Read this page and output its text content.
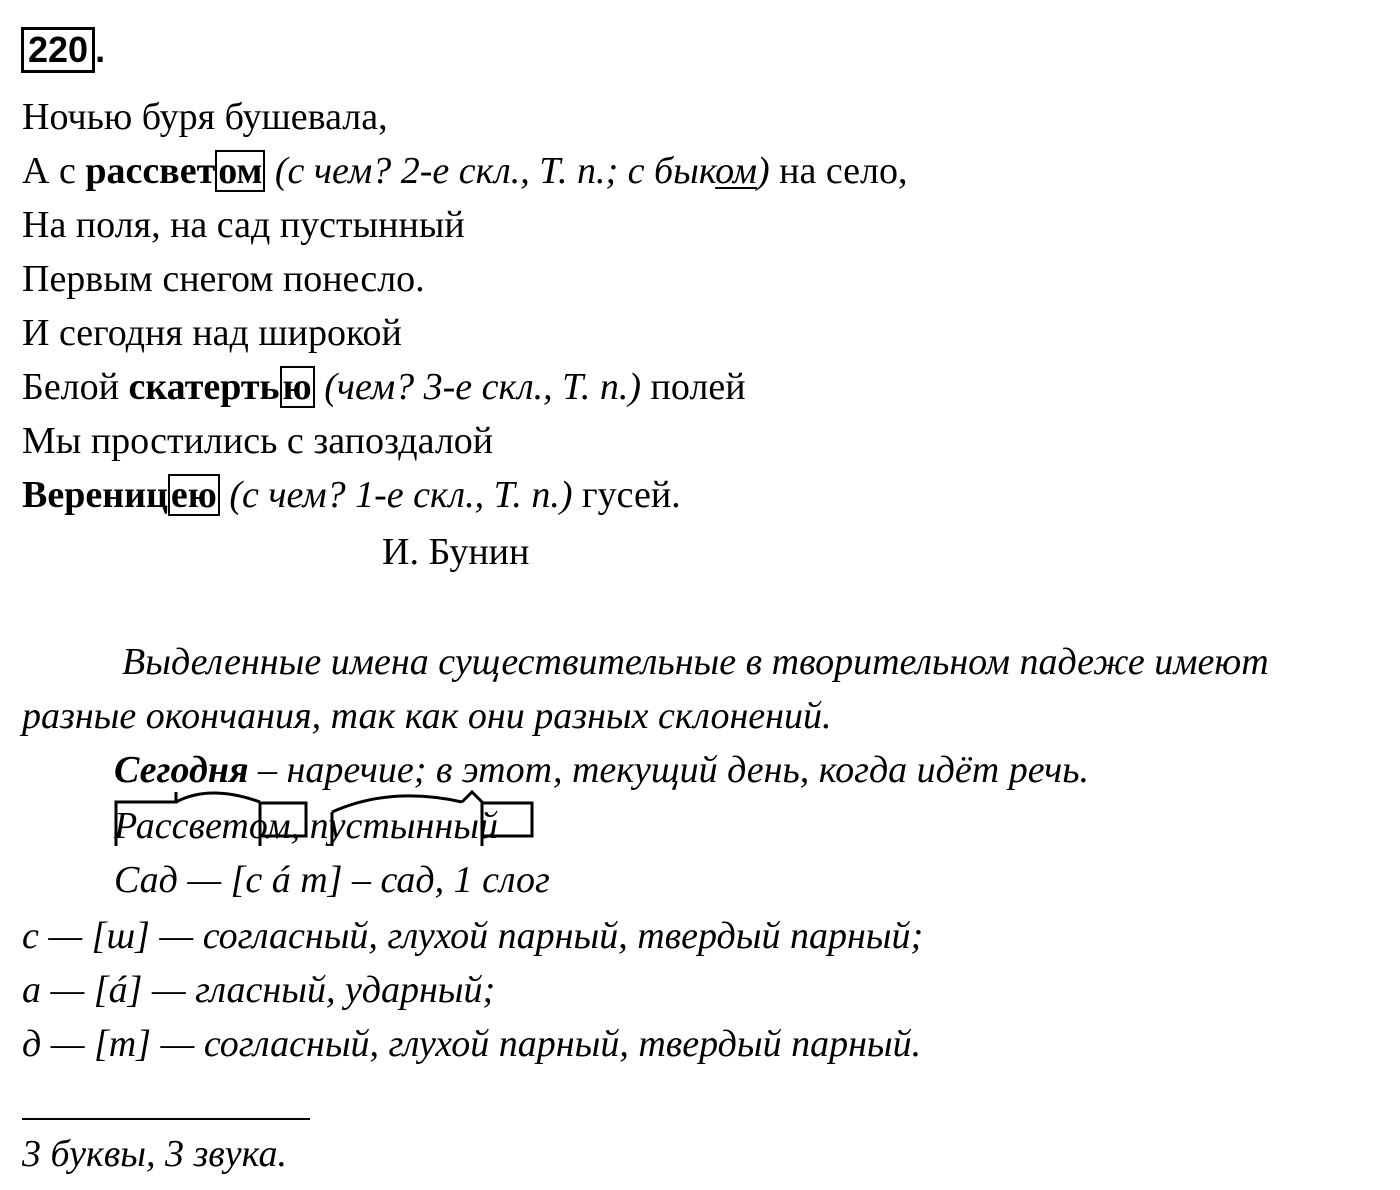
220 .
Ночью буря бушевала,
А с рассветом (с чем? 2-е скл., Т. п.; с быком) на село,
На поля, на сад пустынный
Первым снегом понесло.
И сегодня над широкой
Белой скатертью (чем? 3-е скл., Т. п.) полей
Мы простились с запоздалой
Вереницею (с чем? 1-е скл., Т. п.) гусей.
И. Бунин
Выделенные имена существительные в творительном падеже имеют
разные окончания, так как они разных склонений.
Сегодня – наречие; в этот, текущий день, когда идёт речь.
Рассветом, пустынный
Сад — [с á т] – сад, 1 слог
с — [ш] — согласный, глухой парный, твердый парный;
а — [á] — гласный, ударный;
д — [т] — согласный, глухой парный, твердый парный.
3 буквы, 3 звука.
